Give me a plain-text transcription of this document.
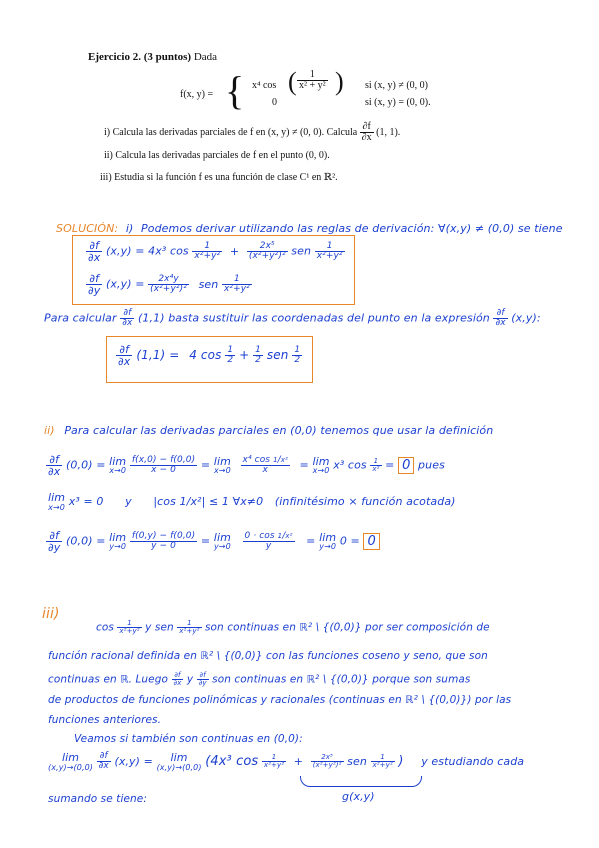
Ejercicio 2. (3 puntos) Dada
f(x, y) = { x⁴ cos ( $\frac{1}{\text{x² + y²}}$ ) si (x, y) ≠ (0, 0)
0	si (x, y) = (0, 0).
i) Calcula las derivadas parciales de f en (x, y) ≠ (0, 0). Calcula $\frac{\partial f}{\partial x} (1$, 1).
ii) Calcula las derivadas parciales de f en el punto (0, 0).
iii) Estudia si la función f es una función de clase C¹ en ℝ².
SOLUCIÓN: i) Podemos derivar utilizando las reglas de derivación: ∀(x,y) ≠ (0,0) se tiene
$\frac{\partial f}{\partial x} (x,y) = 4x^3$ $\cos \frac{1}{\text{x²+y²}} + \frac{\text{2x⁵}}{\text{(x²+y²)²}}$ sen $\frac{1}{\text{x²+y²}}$
$\frac{\partial f}{\partial y} (x,y) = \frac{\text{2x⁴y}}{\text{(x²+y²)²}}$ sen $\frac{1}{\text{x²+y²}}$
Para calcular $\frac{\partial f}{\partial x} (1,1)$ basta sustituir las coordenadas del punto en la expresión $\frac{\partial f}{\partial x} (x,y)$:
$\frac{\partial f}{\partial x} (1,1) = 4$ $\cos \frac{1}{2} + \frac{1}{2}$ sen $\frac{1}{2}$
ii) Para calcular las derivadas parciales en (0,0) tenemos que usar la definición
$\frac{\partial f}{\partial x} (0,0) = \lim$
x→0
$\frac{f(x,0) - f(0,0)}{x - 0} = \lim$
x→0
$\frac{\text{x⁴ cos 1/x²}}{x} = \lim$
x→0 x³ $\cos \frac{1}{\text{x²}} = 0$ pues
lim
x→0 x³ = 0 y |cos 1/x²| ≤ 1 ∀x≠0 (infinitésimo × función acotada)
$\frac{\partial f}{\partial y} (0,0) = \lim$
y→0
$\frac{f(0,y) - f(0,0)}{y - 0} = \lim$
y→0
$\frac{\text{0 · cos 1/x²}}{y} = \lim$
y→0 0 = 0
iii)
$\cos \frac{1}{\text{x²+y²}}$ y sen $\frac{1}{\text{x²+y²}}$ son continuas en ℝ² \ {(0,0)} por ser composición de
función racional definida en ℝ² \ {(0,0)} con las funciones coseno y seno, que son
continuas en ℝ. Luego $\frac{\partial f}{\partial x}$ y $\frac{\partial f}{\partial y}$ son continuas en ℝ² \ {(0,0)} porque son sumas
de productos de funciones polinómicas y racionales (continuas en ℝ² \ {(0,0)}) por las
funciones anteriores.
Veamos si también son continuas en (0,0):
lim
(x,y)→(0,0)
$\frac{\partial f}{\partial x} (x,y)$ =	lim
(x,y)→(0,0) (4x³ $\cos \frac{1}{\text{x²+y²}} + \frac{\text{2x⁵}}{\text{(x²+y²)²}}$ sen $\frac{1}{\text{x²+y²}}$ ) y estudiando cada
g(x,y)
sumando se tiene:
